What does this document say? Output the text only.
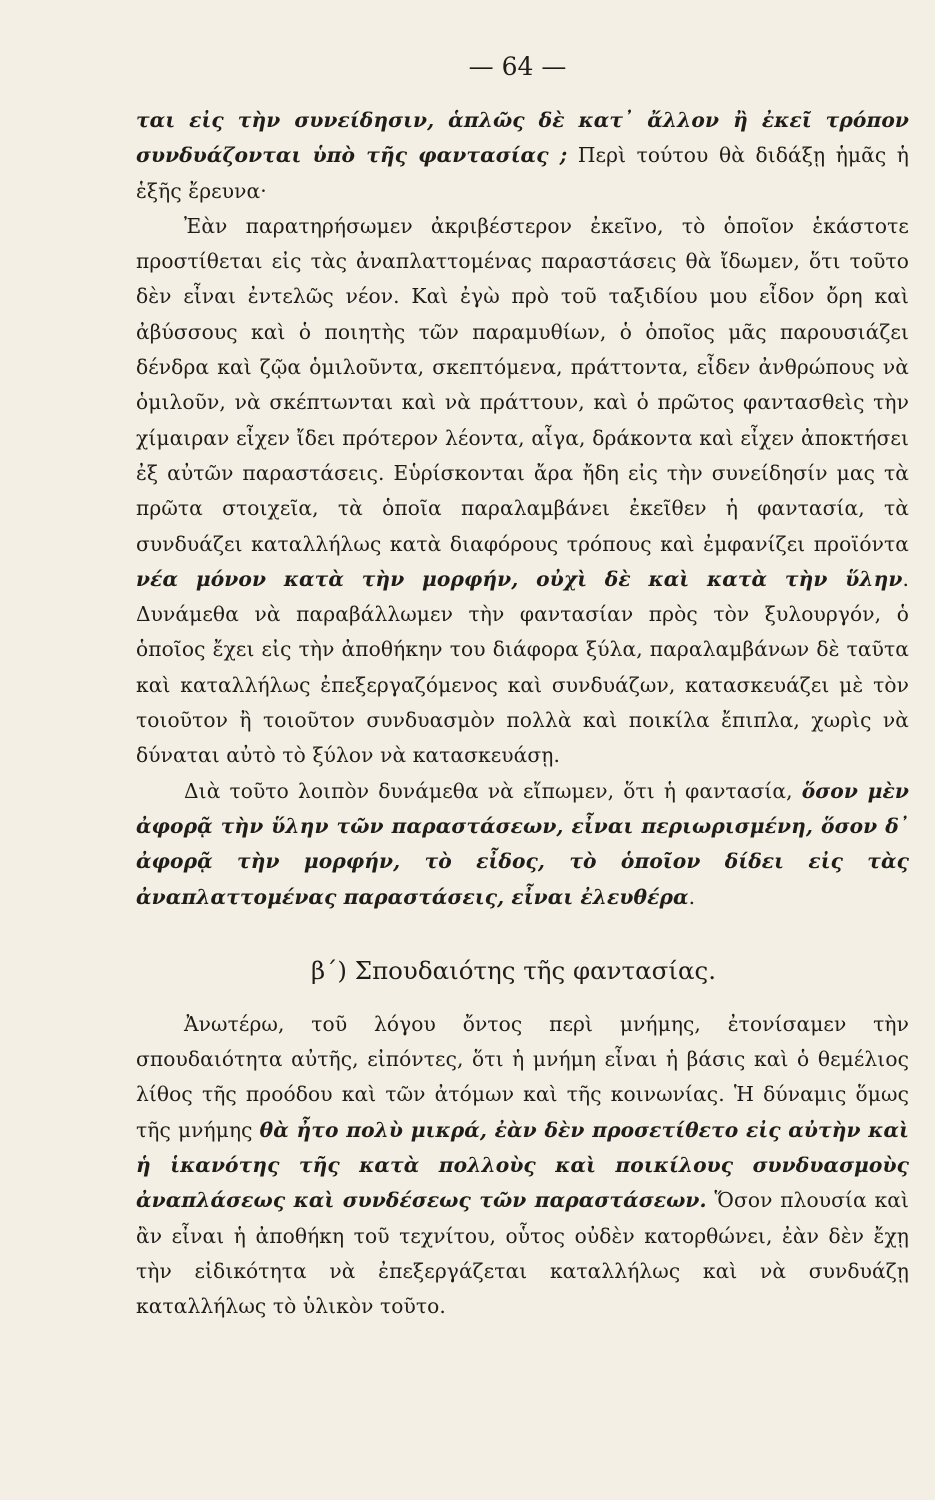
— 64 —

ται εἰς τὴν συνείδησιν, ἁπλῶς δὲ κατ᾿ ἄλλον ἢ ἐκεῖ τρόπον συνδυάζονται ὑπὸ τῆς φαντασίας ; Περὶ τούτου θὰ διδάξῃ ἡμᾶς ἡ ἑξῆς ἔρευνα·

Ἐὰν παρατηρήσωμεν ἀκριβέστερον ἐκεῖνο, τὸ ὁποῖον ἑκάστοτε προστίθεται εἰς τὰς ἀναπλαττομένας παραστάσεις θὰ ἴδωμεν, ὅτι τοῦτο δὲν εἶναι ἐντελῶς νέον. Καὶ ἐγὼ πρὸ τοῦ ταξιδίου μου εἶδον ὄρη καὶ ἀβύσσους καὶ ὁ ποιητὴς τῶν παραμυθίων, ὁ ὁποῖος μᾶς παρουσιάζει δένδρα καὶ ζῷα ὁμιλοῦντα, σκεπτόμενα, πράττοντα, εἶδεν ἀνθρώπους νὰ ὁμιλοῦν, νὰ σκέπτωνται καὶ νὰ πράττουν, καὶ ὁ πρῶτος φαντασθεὶς τὴν χίμαιραν εἶχεν ἴδει πρότερον λέοντα, αἶγα, δράκοντα καὶ εἶχεν ἀποκτήσει ἐξ αὐτῶν παραστάσεις. Εὑρίσκονται ἄρα ἤδη εἰς τὴν συνείδησίν μας τὰ πρῶτα στοιχεῖα, τὰ ὁποῖα παραλαμβάνει ἐκεῖθεν ἡ φαντασία, τὰ συνδυάζει καταλλήλως κατὰ διαφόρους τρόπους καὶ ἐμφανίζει προϊόντα νέα μόνον κατὰ τὴν μορφήν, οὐχὶ δὲ καὶ κατὰ τὴν ὕλην. Δυνάμεθα νὰ παραβάλλωμεν τὴν φαντασίαν πρὸς τὸν ξυλουργόν, ὁ ὁποῖος ἔχει εἰς τὴν ἀποθήκην του διάφορα ξύλα, παραλαμβάνων δὲ ταῦτα καὶ καταλλήλως ἐπεξεργαζόμενος καὶ συνδυάζων, κατασκευάζει μὲ τὸν τοιοῦτον ἢ τοιοῦτον συνδυασμὸν πολλὰ καὶ ποικίλα ἔπιπλα, χωρὶς νὰ δύναται αὐτὸ τὸ ξύλον νὰ κατασκευάσῃ.

Διὰ τοῦτο λοιπὸν δυνάμεθα νὰ εἴπωμεν, ὅτι ἡ φαντασία, ὅσον μὲν ἀφορᾷ τὴν ὕλην τῶν παραστάσεων, εἶναι περιωρισμένη, ὅσον δ᾿ ἀφορᾷ τὴν μορφήν, τὸ εἶδος, τὸ ὁποῖον δίδει εἰς τὰς ἀναπλαττομένας παραστάσεις, εἶναι ἐλευθέρα.

β΄) Σπουδαιότης τῆς φαντασίας.

Ἀνωτέρω, τοῦ λόγου ὄντος περὶ μνήμης, ἐτονίσαμεν τὴν σπουδαιότητα αὐτῆς, εἰπόντες, ὅτι ἡ μνήμη εἶναι ἡ βάσις καὶ ὁ θεμέλιος λίθος τῆς προόδου καὶ τῶν ἀτόμων καὶ τῆς κοινωνίας. Ἡ δύναμις ὅμως τῆς μνήμης θὰ ἦτο πολὺ μικρά, ἐὰν δὲν προσετίθετο εἰς αὐτὴν καὶ ἡ ἱκανότης τῆς κατὰ πολλοὺς καὶ ποικίλους συνδυασμοὺς ἀναπλάσεως καὶ συνδέσεως τῶν παραστάσεων. Ὅσον πλουσία καὶ ἂν εἶναι ἡ ἀποθήκη τοῦ τεχνίτου, οὗτος οὐδὲν κατορθώνει, ἐὰν δὲν ἔχῃ τὴν εἰδικότητα νὰ ἐπεξεργάζεται καταλλήλως καὶ νὰ συνδυάζῃ καταλλήλως τὸ ὑλικὸν τοῦτο.
